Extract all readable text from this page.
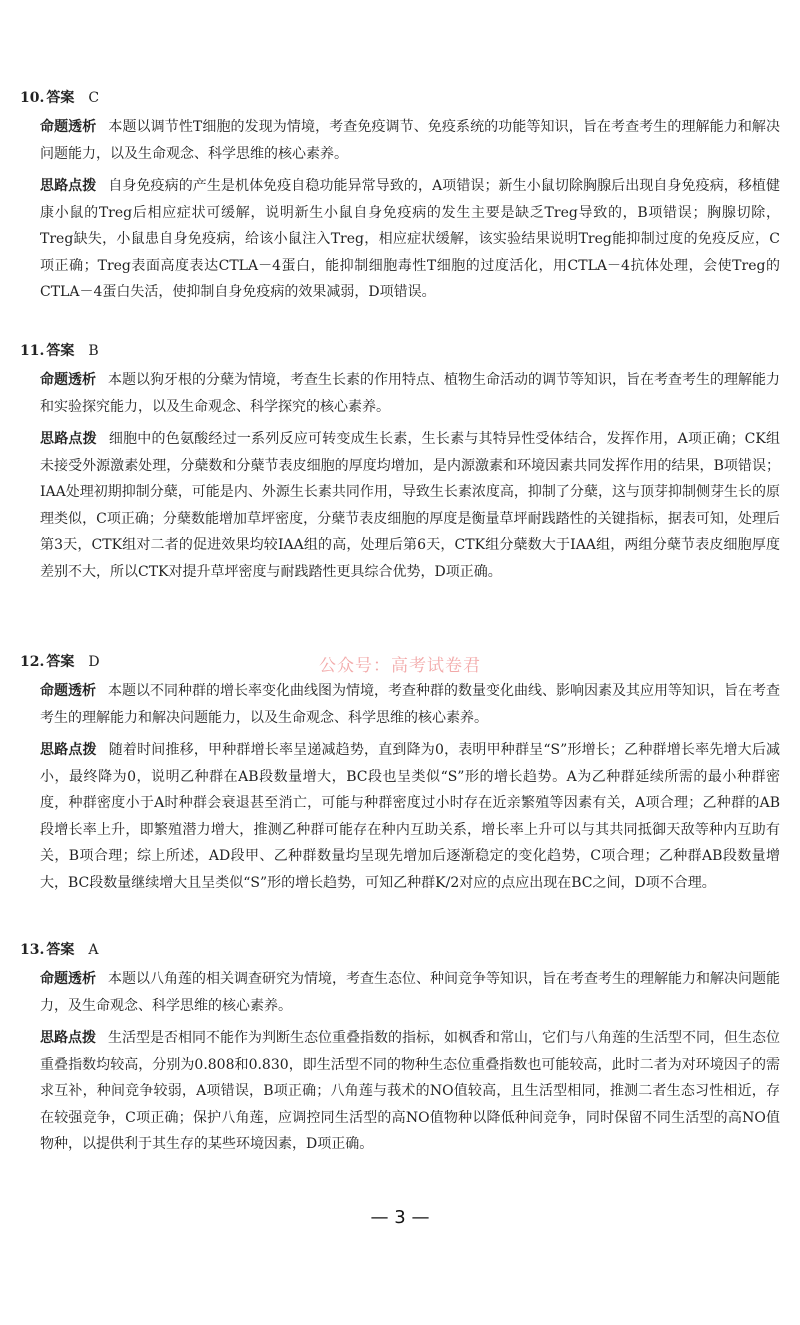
10. 答案 C
命题透析 本题以调节性T细胞的发现为情境，考查免疫调节、免疫系统的功能等知识，旨在考查考生的理解能力和解决问题能力，以及生命观念、科学思维的核心素养。
思路点拨 自身免疫病的产生是机体免疫自稳功能异常导致的，A项错误；新生小鼠切除胸腺后出现自身免疫病，移植健康小鼠的Treg后相应症状可缓解，说明新生小鼠自身免疫病的发生主要是缺乏Treg导致的，B项错误；胸腺切除，Treg缺失，小鼠患自身免疫病，给该小鼠注入Treg，相应症状缓解，该实验结果说明Treg能抑制过度的免疫反应，C项正确；Treg表面高度表达CTLA－4蛋白，能抑制细胞毒性T细胞的过度活化，用CTLA－4抗体处理，会使Treg的CTLA－4蛋白失活，使抑制自身免疫病的效果减弱，D项错误。
11. 答案 B
命题透析 本题以狗牙根的分蘖为情境，考查生长素的作用特点、植物生命活动的调节等知识，旨在考查考生的理解能力和实验探究能力，以及生命观念、科学探究的核心素养。
思路点拨 细胞中的色氨酸经过一系列反应可转变成生长素，生长素与其特异性受体结合，发挥作用，A项正确；CK组未接受外源激素处理，分蘖数和分蘖节表皮细胞的厚度均增加，是内源激素和环境因素共同发挥作用的结果，B项错误；IAA处理初期抑制分蘖，可能是内、外源生长素共同作用，导致生长素浓度高，抑制了分蘖，这与顶芽抑制侧芽生长的原理类似，C项正确；分蘖数能增加草坪密度，分蘖节表皮细胞的厚度是衡量草坪耐践踏性的关键指标，据表可知，处理后第3天，CTK组对二者的促进效果均较IAA组的高，处理后第6天，CTK组分蘖数大于IAA组，两组分蘖节表皮细胞厚度差别不大，所以CTK对提升草坪密度与耐践踏性更具综合优势，D项正确。
12. 答案 D
命题透析 本题以不同种群的增长率变化曲线图为情境，考查种群的数量变化曲线、影响因素及其应用等知识，旨在考查考生的理解能力和解决问题能力，以及生命观念、科学思维的核心素养。
思路点拨 随着时间推移，甲种群增长率呈递减趋势，直到降为0，表明甲种群呈“S”形增长；乙种群增长率先增大后减小，最终降为0，说明乙种群在AB段数量增大，BC段也呈类似“S”形的增长趋势。A为乙种群延续所需的最小种群密度，种群密度小于A时种群会衰退甚至消亡，可能与种群密度过小时存在近亲繁殖等因素有关，A项合理；乙种群的AB段增长率上升，即繁殖潜力增大，推测乙种群可能存在种内互助关系，增长率上升可以与其共同抵御天敌等种内互助有关，B项合理；综上所述，AD段甲、乙种群数量均呈现先增加后逐渐稳定的变化趋势，C项合理；乙种群AB段数量增大，BC段数量继续增大且呈类似“S”形的增长趋势，可知乙种群K/2对应的点应出现在BC之间，D项不合理。
13. 答案 A
命题透析 本题以八角莲的相关调查研究为情境，考查生态位、种间竞争等知识，旨在考查考生的理解能力和解决问题能力，及生命观念、科学思维的核心素养。
思路点拨 生活型是否相同不能作为判断生态位重叠指数的指标，如枫香和常山，它们与八角莲的生活型不同，但生态位重叠指数均较高，分别为0.808和0.830，即生活型不同的物种生态位重叠指数也可能较高，此时二者为对环境因子的需求互补，种间竞争较弱，A项错误，B项正确；八角莲与莪术的NO值较高，且生活型相同，推测二者生态习性相近，存在较强竞争，C项正确；保护八角莲，应调控同生活型的高NO值物种以降低种间竞争，同时保留不同生活型的高NO值物种，以提供利于其生存的某些环境因素，D项正确。
公众号：高考试卷君
— 3 —
